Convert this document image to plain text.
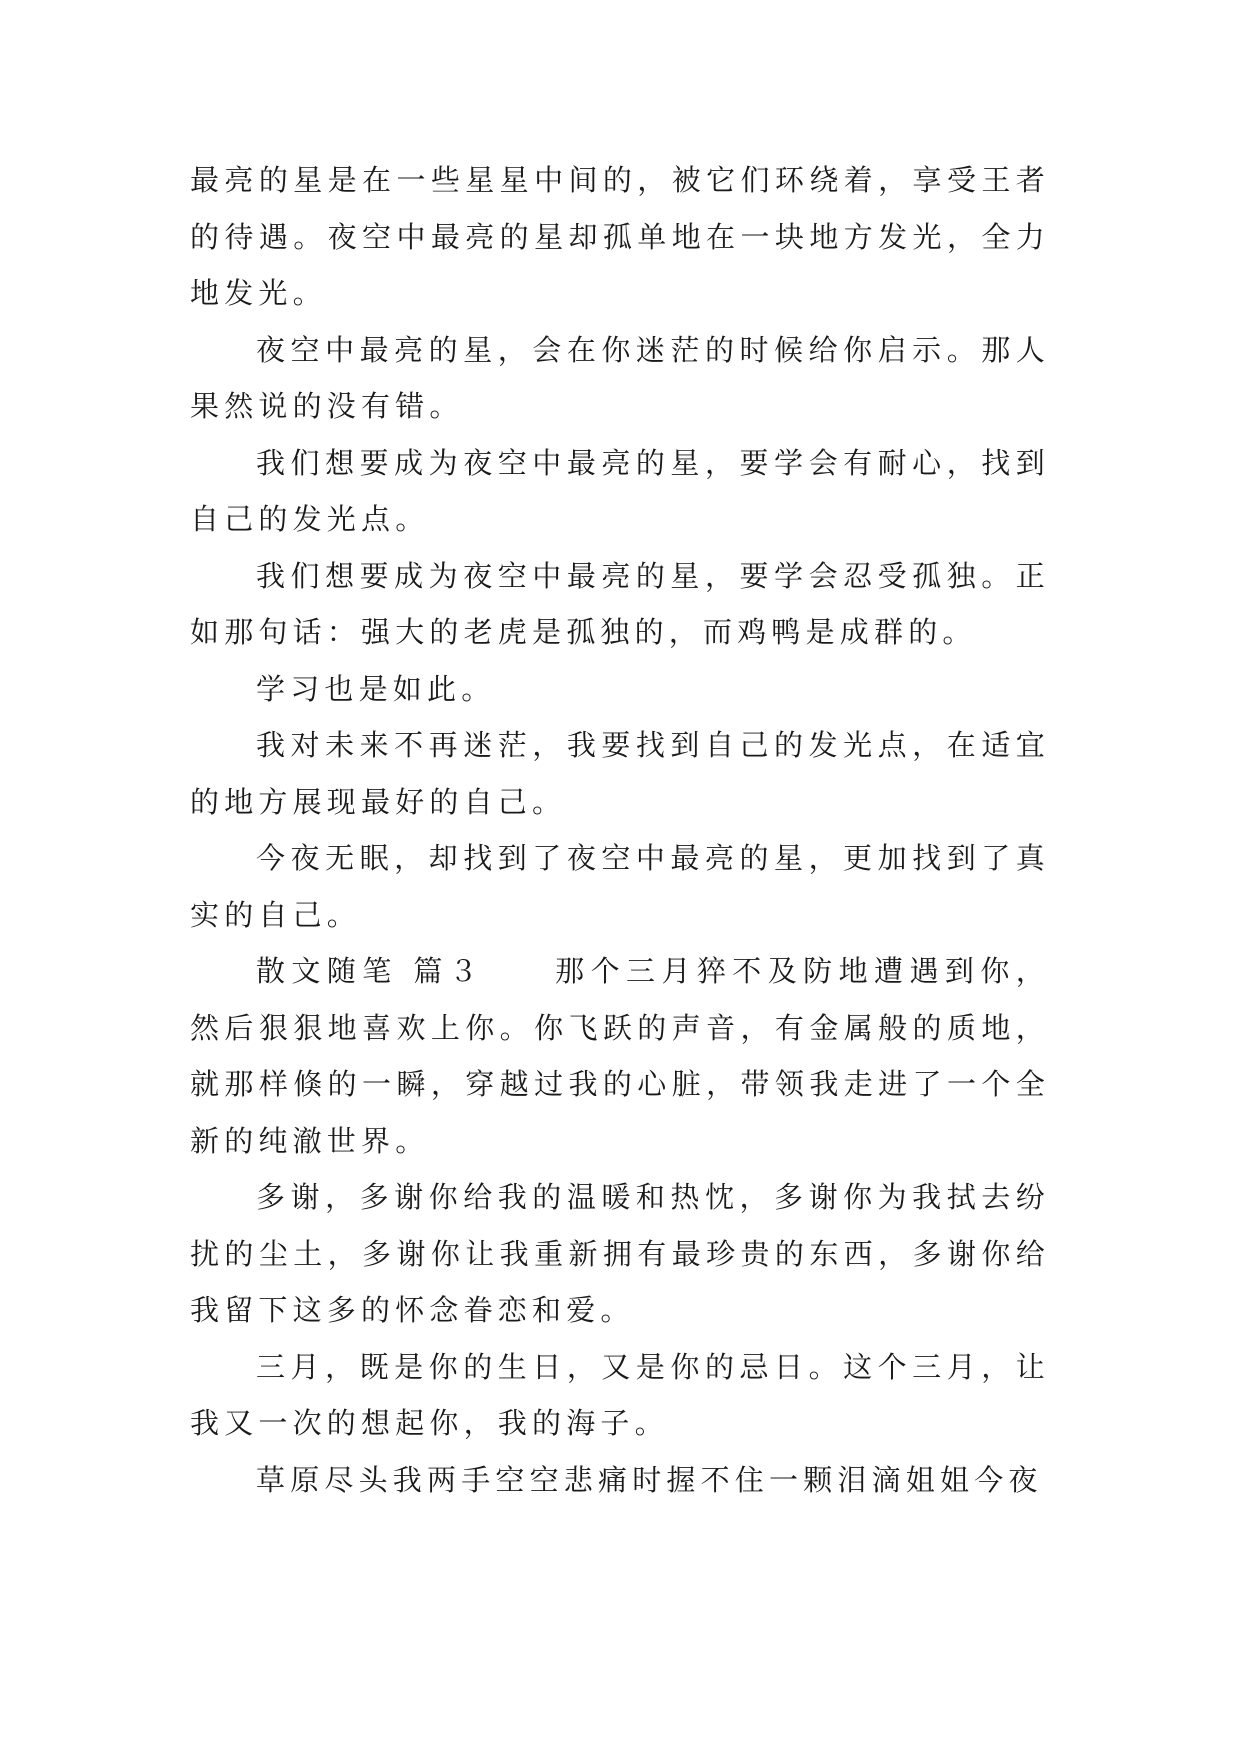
最亮的星是在一些星星中间的，被它们环绕着，享受王者的待遇。夜空中最亮的星却孤单地在一块地方发光，全力地发光。

夜空中最亮的星，会在你迷茫的时候给你启示。那人果然说的没有错。

我们想要成为夜空中最亮的星，要学会有耐心，找到自己的发光点。

我们想要成为夜空中最亮的星，要学会忍受孤独。正如那句话：强大的老虎是孤独的，而鸡鸭是成群的。

学习也是如此。

我对未来不再迷茫，我要找到自己的发光点，在适宜的地方展现最好的自己。

今夜无眠，却找到了夜空中最亮的星，更加找到了真实的自己。

散文随笔 篇３　　那个三月猝不及防地遭遇到你，然后狠狠地喜欢上你。你飞跃的声音，有金属般的质地，就那样倏的一瞬，穿越过我的心脏，带领我走进了一个全新的纯澈世界。

多谢，多谢你给我的温暖和热忱，多谢你为我拭去纷扰的尘土，多谢你让我重新拥有最珍贵的东西，多谢你给我留下这多的怀念眷恋和爱。

三月，既是你的生日，又是你的忌日。这个三月，让我又一次的想起你，我的海子。

草原尽头我两手空空悲痛时握不住一颗泪滴姐姐今夜
